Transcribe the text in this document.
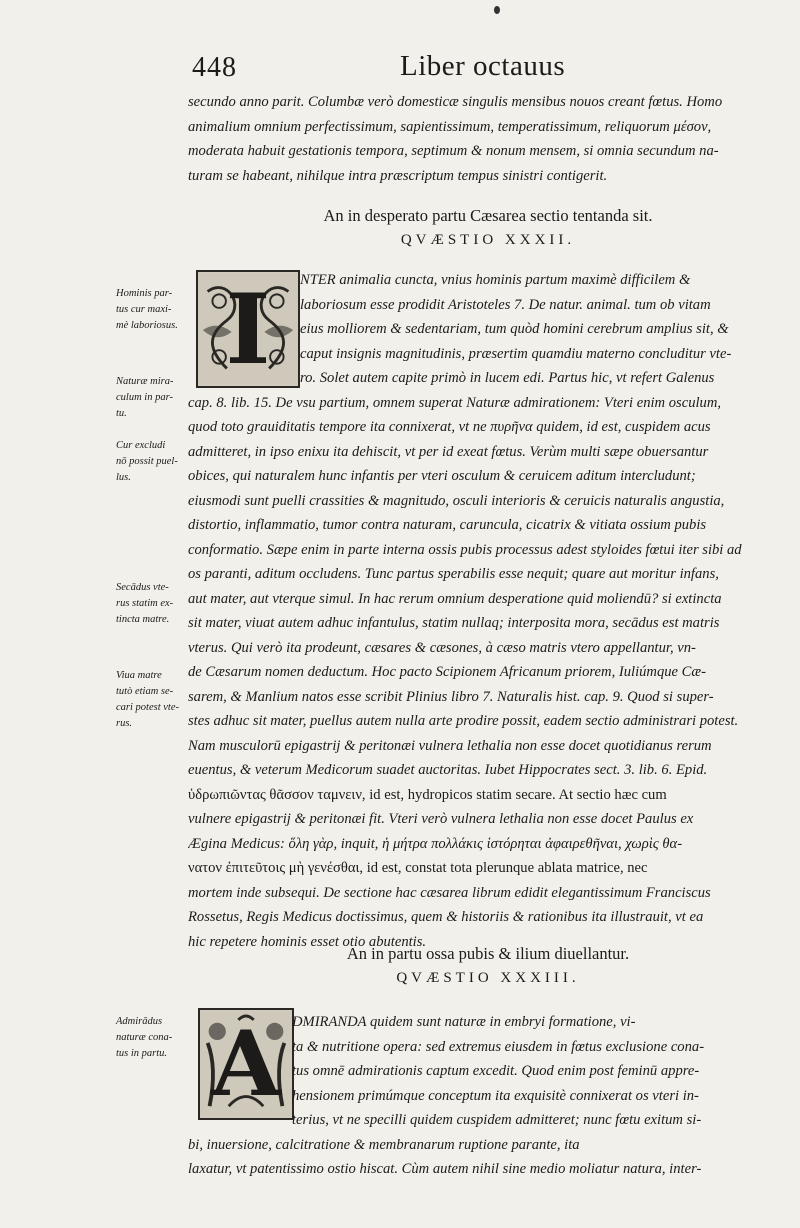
448	Liber octauus
secundo anno parit. Columbæ verò domesticæ singulis mensibus nouos creant fœtus. Homo
animalium omnium perfectissimum, sapientissimum, temperatissimum, reliquorum μέσον,
moderata habuit gestationis tempora, septimum & nonum mensem, si omnia secundum na-
turam se habeant, nihilque intra præscriptum tempus sinistri contigerit.
An in desperato partu Cæsarea sectio tentanda sit.
QVÆSTIO XXXII.
I	NTER animalia cuncta, vnius hominis partum maximè difficilem &
laboriosum esse prodidit Aristoteles 7. De natur. animal. tum ob vitam
eius molliorem & sedentariam, tum quòd homini cerebrum amplius sit, &
caput insignis magnitudinis, præsertim quamdiu materno concluditur vte-
ro. Solet autem capite primò in lucem edi. Partus hic, vt refert Galenus
cap. 8. lib. 15. De vsu partium, omnem superat Naturæ admirationem: Vteri enim osculum,
quod toto grauiditatis tempore ita connixerat, vt ne πυρῆνα quidem, id est, cuspidem acus
admitteret, in ipso enixu ita dehiscit, vt per id exeat fœtus. Verùm multi sæpe obuersantur
obices, qui naturalem hunc infantis per vteri osculum & ceruicem aditum intercludunt;
eiusmodi sunt puelli crassities & magnitudo, osculi interioris & ceruicis naturalis angustia,
distortio, inflammatio, tumor contra naturam, caruncula, cicatrix & vitiata ossium pubis
conformatio. Sæpe enim in parte interna ossis pubis processus adest styloides fœtui iter sibi ad
os paranti, aditum occludens. Tunc partus sperabilis esse nequit; quare aut moritur infans,
aut mater, aut vterque simul. In hac rerum omnium desperatione quid moliendū? si extincta
sit mater, viuat autem adhuc infantulus, statim nullaq; interposita mora, secādus est matris
vterus. Qui verò ita prodeunt, cæsares & cæsones, à cæso matris vtero appellantur, vn-
de Cæsarum nomen deductum. Hoc pacto Scipionem Africanum priorem, Iuliúmque Cæ-
sarem, & Manlium natos esse scribit Plinius libro 7. Naturalis hist. cap. 9. Quod si super-
stes adhuc sit mater, puellus autem nulla arte prodire possit, eadem sectio administrari potest.
Nam musculorū epigastrij & peritonæi vulnera lethalia non esse docet quotidianus rerum
euentus, & veterum Medicorum suadet auctoritas. Iubet Hippocrates sect. 3. lib. 6. Epid.
ὑδρωπιῶντας θᾶσσον ταμνειν, id est, hydropicos statim secare. At sectio hæc cum
vulnere epigastrij & peritonæi fit. Vteri verò vulnera lethalia non esse docet Paulus ex
Ægina Medicus: ὅλη γὰρ, inquit, ἡ μήτρα πολλάκις ἱστόρηται ἀφαιρεθῆναι, χωρὶς θα-
νατον ἐπιτεῦτοις μὴ γενέσθαι, id est, constat tota plerunque ablata matrice, nec
mortem inde subsequi. De sectione hac cæsarea librum edidit elegantissimum Franciscus
Rossetus, Regis Medicus doctissimus, quem & historiis & rationibus ita illustrauit, vt ea
hic repetere hominis esset otio abutentis.
An in partu ossa pubis & ilium diuellantur.
QVÆSTIO XXXIII.
A DMIRANDA quidem sunt naturæ in embryi formatione, vi-
ta & nutritione opera: sed extremus eiusdem in fœtus exclusione cona-
tus omnē admirationis captum excedit. Quod enim post feminū appre-
hensionem primúmque conceptum ita exquisitè connixerat os vteri in-
terius, vt ne specilli quidem cuspidem admitteret; nunc fœtu exitum si-
bi, inuersione, calcitratione & membranarum ruptione parante, ita
laxatur, vt patentissimo ostio hiscat. Cùm autem nihil sine medio moliatur natura, inter-
Hominis par-
tus cur maxi-
mè laboriosus.
Naturæ mira-
culum in par-
tu.
Cur excludi
nō possit puel-
lus.
Secādus vte-
rus statim ex-
tincta matre.
Viua matre
tutò etiam se-
cari potest vte-
rus.
Admirādus
naturæ cona-
tus in partu.
